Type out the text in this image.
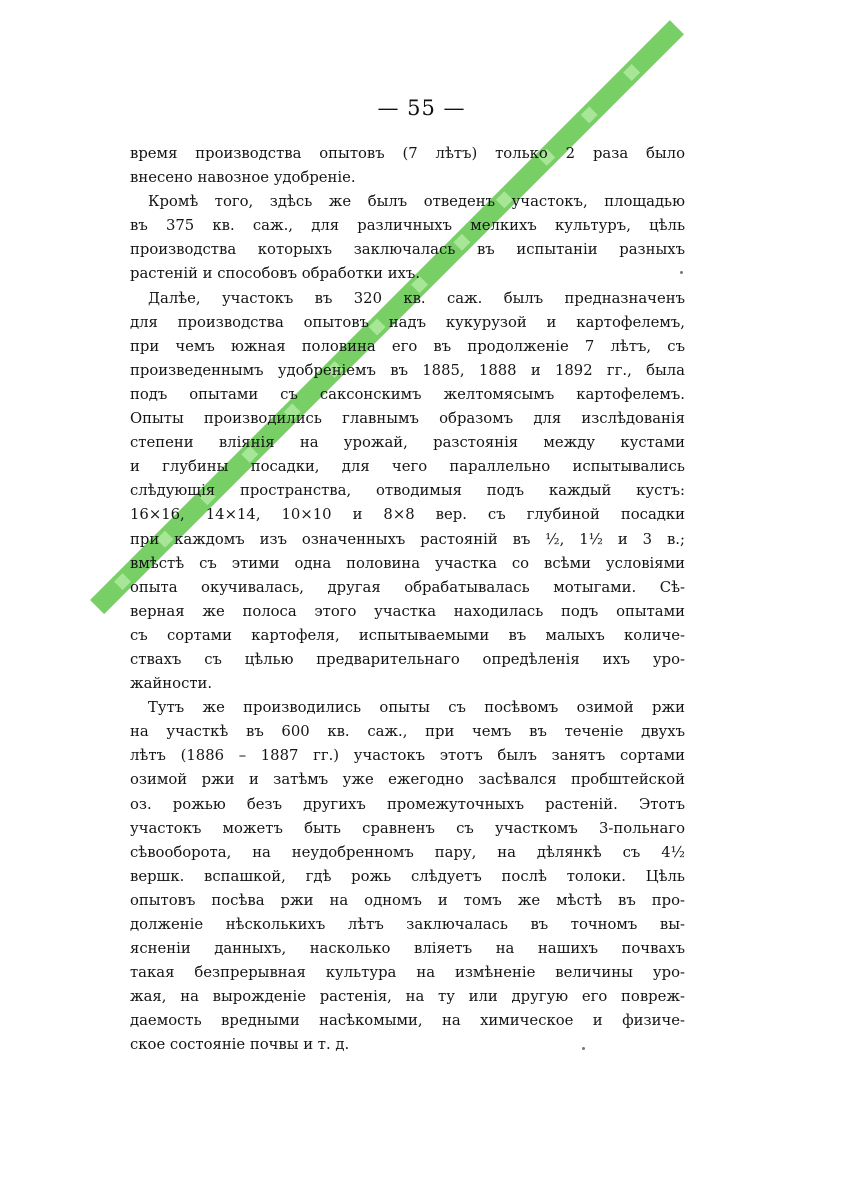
— 55 —
время производства опытовъ (7 лѣтъ) только 2 раза было
внесено навозное удобреніе.
Кромѣ того, здѣсь же былъ отведенъ участокъ, площадью
въ 375 кв. саж., для различныхъ мелкихъ культуръ, цѣль
производства которыхъ заключалась въ испытаніи разныхъ
растеній и способовъ обработки ихъ.
Далѣе, участокъ въ 320 кв. саж. былъ предназначенъ
для производства опытовъ надъ кукурузой и картофелемъ,
при чемъ южная половина его въ продолженіе 7 лѣтъ, съ
произведеннымъ удобреніемъ въ 1885, 1888 и 1892 гг., была
подъ опытами съ саксонскимъ желтомясымъ картофелемъ.
Опыты производились главнымъ образомъ для изслѣдованія
степени вліянія на урожай, разстоянія между кустами
и глубины посадки, для чего параллельно испытывались
слѣдующія пространства, отводимыя подъ каждый кустъ:
16×16, 14×14, 10×10 и 8×8 вер. съ глубиной посадки
при каждомъ изъ означенныхъ растояній въ ½, 1½ и 3 в.;
вмѣстѣ съ этими одна половина участка со всѣми условіями
опыта окучивалась, другая обрабатывалась мотыгами. Сѣ-
верная же полоса этого участка находилась подъ опытами
съ сортами картофеля, испытываемыми въ малыхъ количе-
ствахъ съ цѣлью предварительнаго опредѣленія ихъ уро-
жайности.
Тутъ же производились опыты съ посѣвомъ озимой ржи
на участкѣ въ 600 кв. саж., при чемъ въ теченіе двухъ
лѣтъ (1886 – 1887 гг.) участокъ этотъ былъ занятъ сортами
озимой ржи и затѣмъ уже ежегодно засѣвался пробштейской
оз. рожью безъ другихъ промежуточныхъ растеній. Этотъ
участокъ можетъ быть сравненъ съ участкомъ 3-польнаго
сѣвооборота, на неудобренномъ пару, на дѣлянкѣ съ 4½
вершк. вспашкой, гдѣ рожь слѣдуетъ послѣ толоки. Цѣль
опытовъ посѣва ржи на одномъ и томъ же мѣстѣ въ про-
долженіе нѣсколькихъ лѣтъ заключалась въ точномъ вы-
ясненіи данныхъ, насколько вліяетъ на нашихъ почвахъ
такая безпрерывная культура на измѣненіе величины уро-
жая, на вырожденіе растенія, на ту или другую его повреж-
даемость вредными насѣкомыми, на химическое и физиче-
ское состояніе почвы и т. д.
